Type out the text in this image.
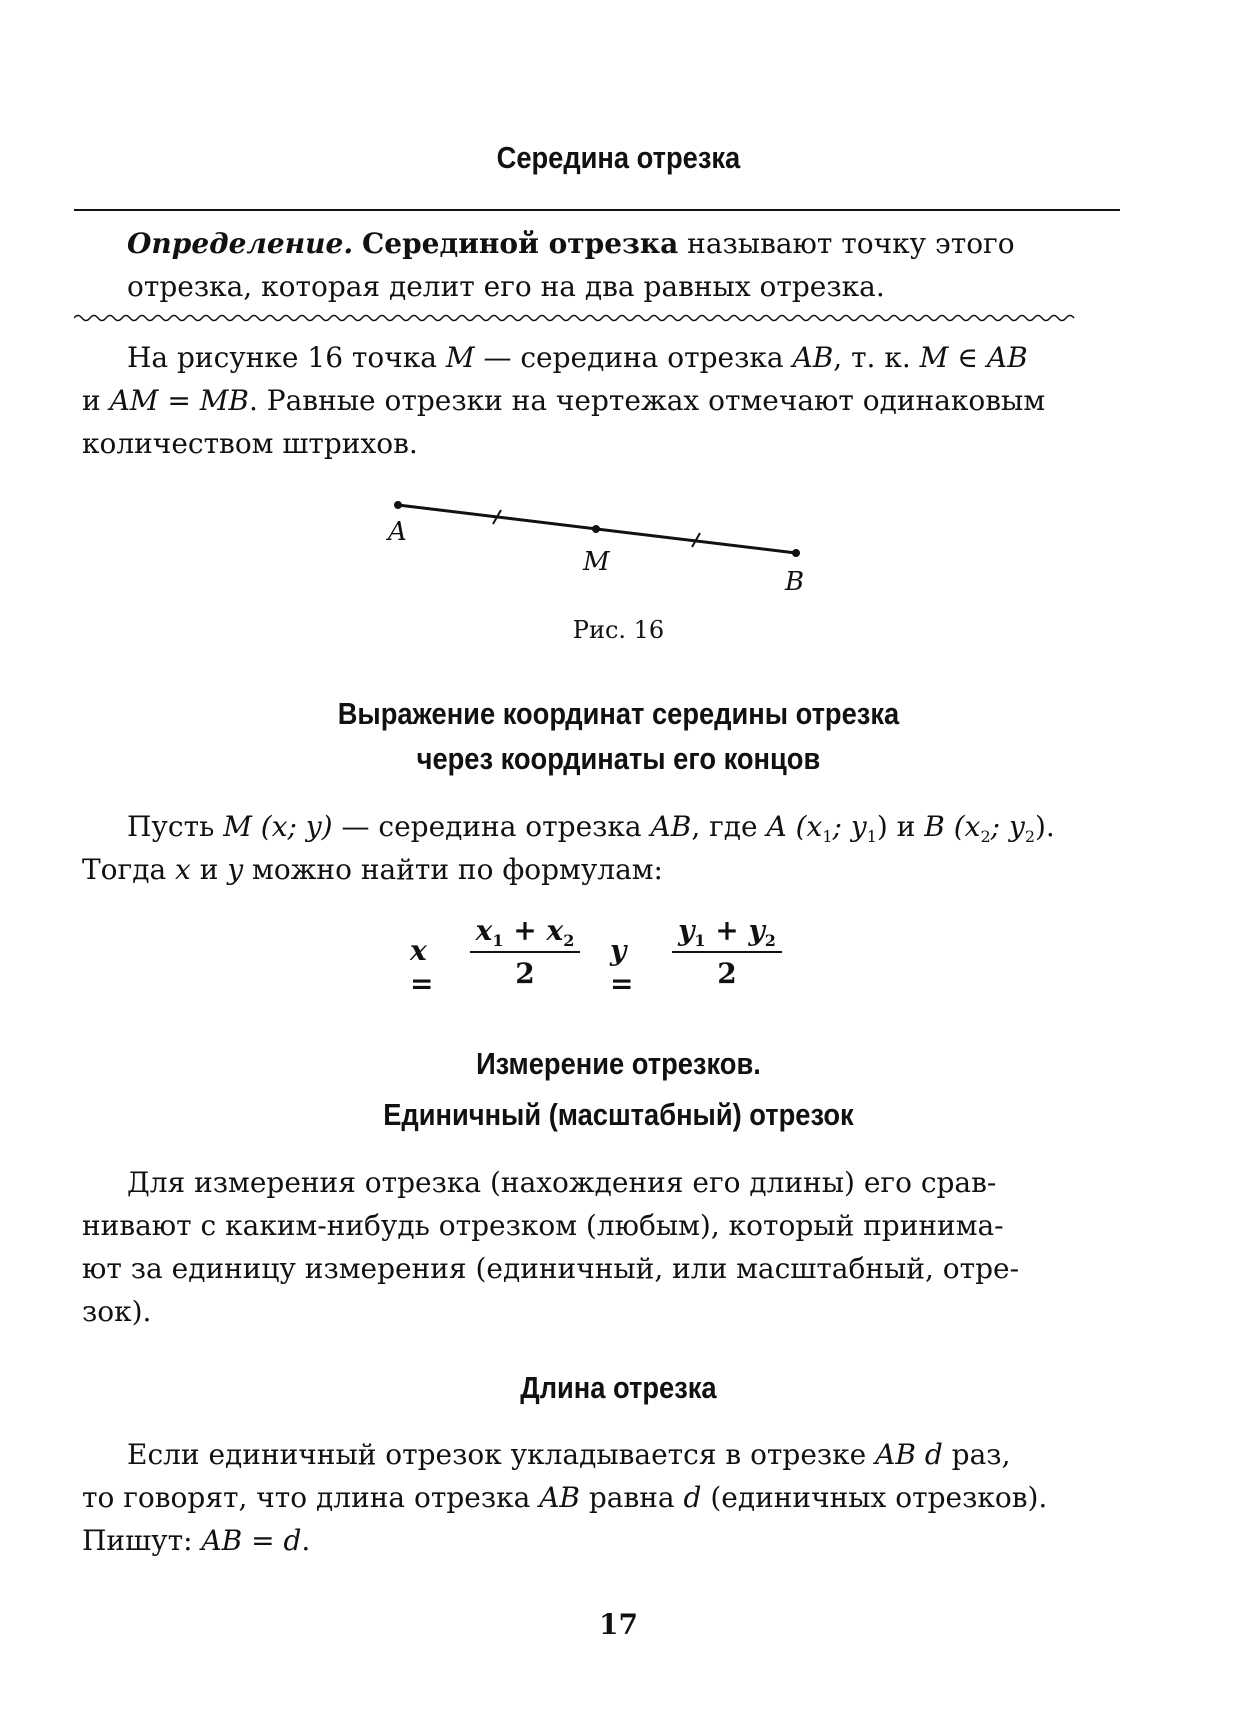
Середина отрезка
Определение. Серединой отрезка называют точку этого
отрезка, которая делит его на два равных отрезка.
На рисунке 16 точка M — середина отрезка AB, т. к. M ∈ AB
и AM = MB. Равные отрезки на чертежах отмечают одинаковым
количеством штрихов.
A
M
B
Рис. 16
Выражение координат середины отрезка
через координаты его концов
Пусть M (x; y) — середина отрезка AB, где A ($x_1$; $y_1$) и B ($x_2$; $y_2$).
Тогда x и y можно найти по формулам:
$x = \frac{x_1 + x_2}{2}$ $y = \frac{y_1 + y_2}{2}$
Измерение отрезков.
Единичный (масштабный) отрезок
Для измерения отрезка (нахождения его длины) его срав-
нивают с каким-нибудь отрезком (любым), который принима-
ют за единицу измерения (единичный, или масштабный, отре-
зок).
Длина отрезка
Если единичный отрезок укладывается в отрезке AB d раз,
то говорят, что длина отрезка AB равна d (единичных отрезков).
Пишут: AB = d.
17
